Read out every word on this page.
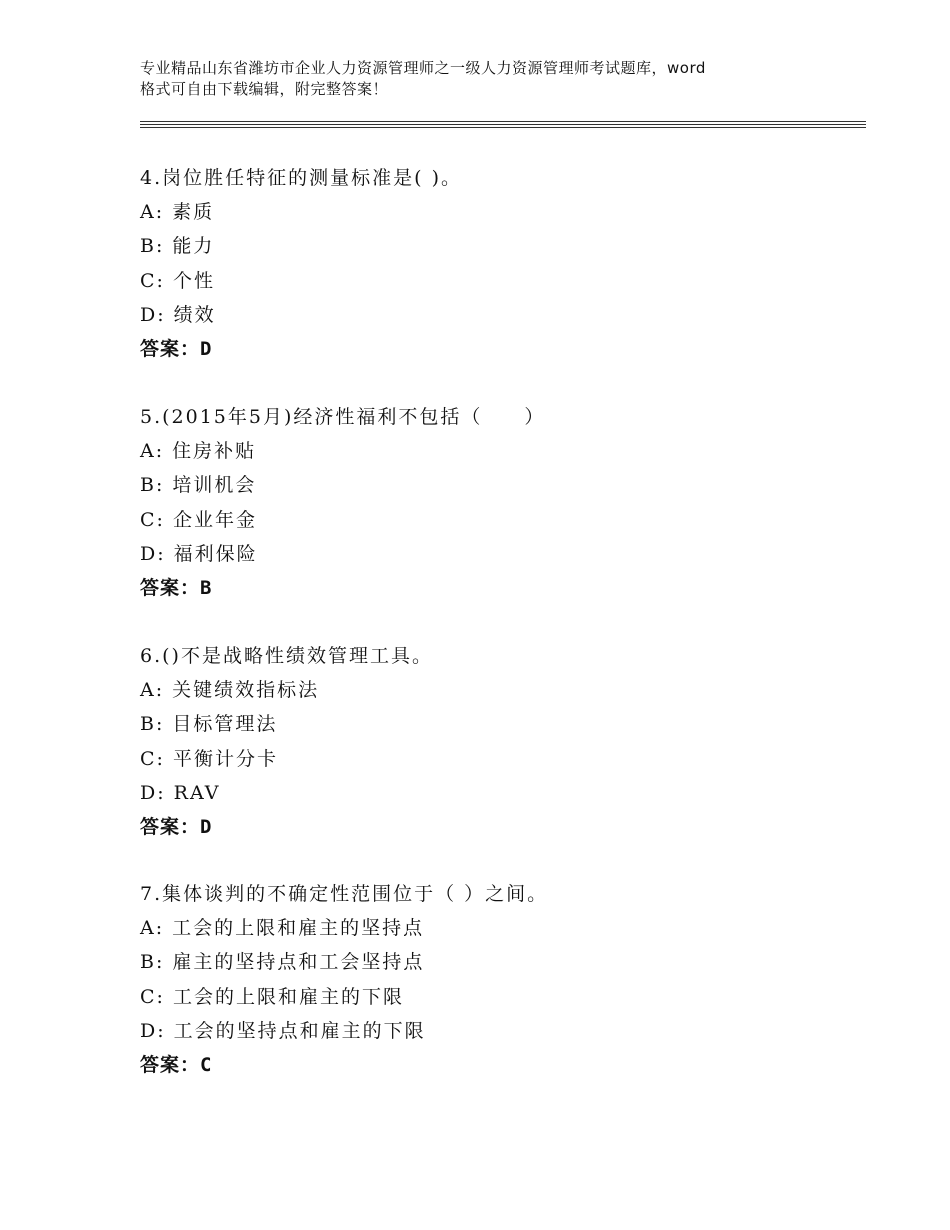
专业精品山东省潍坊市企业人力资源管理师之一级人力资源管理师考试题库，word
格式可自由下载编辑，附完整答案！
4.岗位胜任特征的测量标准是( )。
A: 素质
B: 能力
C: 个性
D: 绩效
答案：D
5.(2015年5月)经济性福利不包括（　　）
A: 住房补贴
B: 培训机会
C: 企业年金
D: 福利保险
答案：B
6.()不是战略性绩效管理工具。
A: 关键绩效指标法
B: 目标管理法
C: 平衡计分卡
D: RAV
答案：D
7.集体谈判的不确定性范围位于（ ）之间。
A: 工会的上限和雇主的坚持点
B: 雇主的坚持点和工会坚持点
C: 工会的上限和雇主的下限
D: 工会的坚持点和雇主的下限
答案：C
